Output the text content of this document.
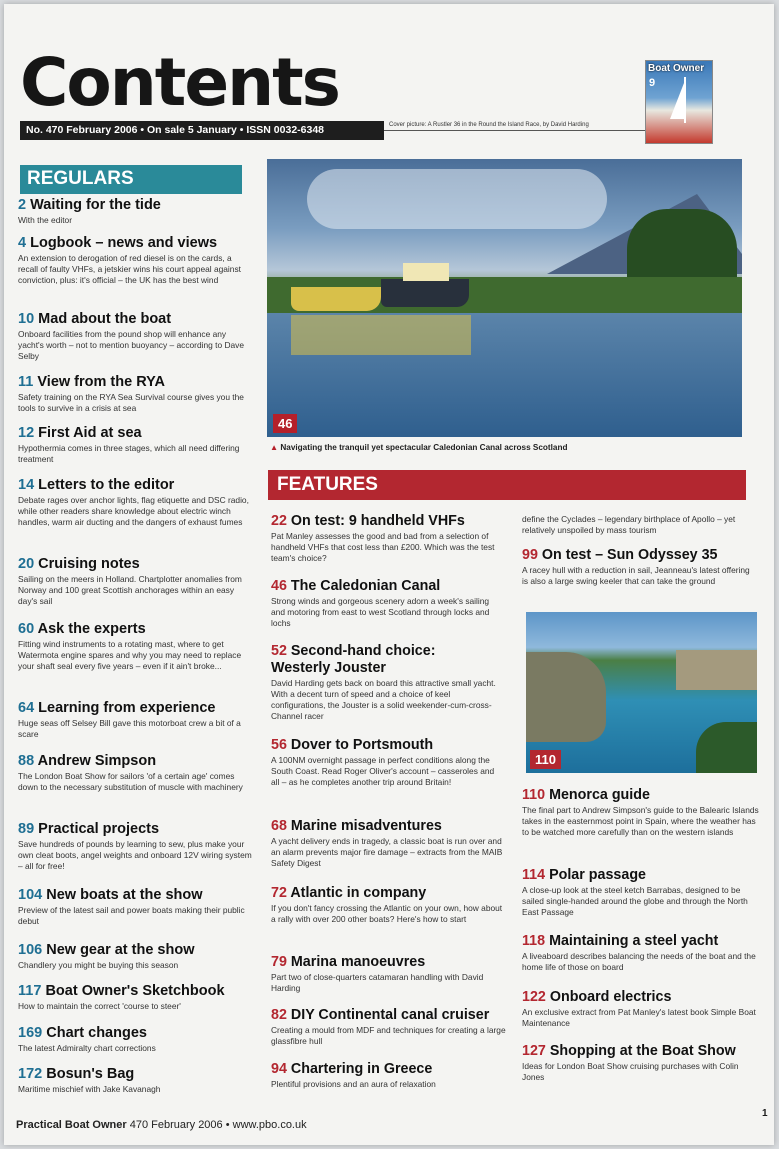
Contents
No. 470 February 2006 • On sale 5 January • ISSN 0032-6348	Cover picture: A Rustler 36 in the Round the Island Race, by David Harding
Boat Owner
9
REGULARS
2 Waiting for the tide
With the editor
4 Logbook – news and views
An extension to derogation of red diesel is on the cards, a recall of faulty VHFs, a jetskier wins his court appeal against conviction, plus: it's official – the UK has the best wind
10 Mad about the boat
Onboard facilities from the pound shop will enhance any yacht's worth – not to mention buoyancy – according to Dave Selby
11 View from the RYA
Safety training on the RYA Sea Survival course gives you the tools to survive in a crisis at sea
12 First Aid at sea
Hypothermia comes in three stages, which all need differing treatment
14 Letters to the editor
Debate rages over anchor lights, flag etiquette and DSC radio, while other readers share knowledge about electric winch handles, warm air ducting and the dangers of exhaust fumes
20 Cruising notes
Sailing on the meers in Holland. Chartplotter anomalies from Norway and 100 great Scottish anchorages within an easy day's sail
60 Ask the experts
Fitting wind instruments to a rotating mast, where to get Watermota engine spares and why you may need to replace your shaft seal every five years – even if it ain't broke...
64 Learning from experience
Huge seas off Selsey Bill gave this motorboat crew a bit of a scare
88 Andrew Simpson
The London Boat Show for sailors 'of a certain age' comes down to the necessary substitution of muscle with machinery
89 Practical projects
Save hundreds of pounds by learning to sew, plus make your own cleat boots, angel weights and onboard 12V wiring system – all for free!
104 New boats at the show
Preview of the latest sail and power boats making their public debut
106 New gear at the show
Chandlery you might be buying this season
117 Boat Owner's Sketchbook
How to maintain the correct 'course to steer'
169 Chart changes
The latest Admiralty chart corrections
172 Bosun's Bag
Maritime mischief with Jake Kavanagh
46
▲ Navigating the tranquil yet spectacular Caledonian Canal across Scotland
FEATURES
22 On test: 9 handheld VHFs
Pat Manley assesses the good and bad from a selection of handheld VHFs that cost less than £200. Which was the test team's choice?
46 The Caledonian Canal
Strong winds and gorgeous scenery adorn a week's sailing and motoring from east to west Scotland through locks and lochs
52 Second-hand choice:
Westerly Jouster
David Harding gets back on board this attractive small yacht. With a decent turn of speed and a choice of keel configurations, the Jouster is a solid weekender-cum-cross-Channel racer
56 Dover to Portsmouth
A 100NM overnight passage in perfect conditions along the South Coast. Read Roger Oliver's account – casseroles and all – as he completes another trip around Britain!
68 Marine misadventures
A yacht delivery ends in tragedy, a classic boat is run over and an alarm prevents major fire damage – extracts from the MAIB Safety Digest
72 Atlantic in company
If you don't fancy crossing the Atlantic on your own, how about a rally with over 200 other boats? Here's how to start
79 Marina manoeuvres
Part two of close-quarters catamaran handling with David Harding
82 DIY Continental canal cruiser
Creating a mould from MDF and techniques for creating a large glassfibre hull
94 Chartering in Greece
Plentiful provisions and an aura of relaxation
define the Cyclades – legendary birthplace of Apollo – yet relatively unspoiled by mass tourism
99 On test – Sun Odyssey 35
A racey hull with a reduction in sail, Jeanneau's latest offering is also a large swing keeler that can take the ground
110 Menorca guide
The final part to Andrew Simpson's guide to the Balearic Islands takes in the easternmost point in Spain, where the weather has to be watched more carefully than on the western islands
114 Polar passage
A close-up look at the steel ketch Barrabas, designed to be sailed single-handed around the globe and through the North East Passage
118 Maintaining a steel yacht
A liveaboard describes balancing the needs of the boat and the home life of those on board
122 Onboard electrics
An exclusive extract from Pat Manley's latest book Simple Boat Maintenance
127 Shopping at the Boat Show
Ideas for London Boat Show cruising purchases with Colin Jones
110
Practical Boat Owner 470 February 2006 • www.pbo.co.uk
1
